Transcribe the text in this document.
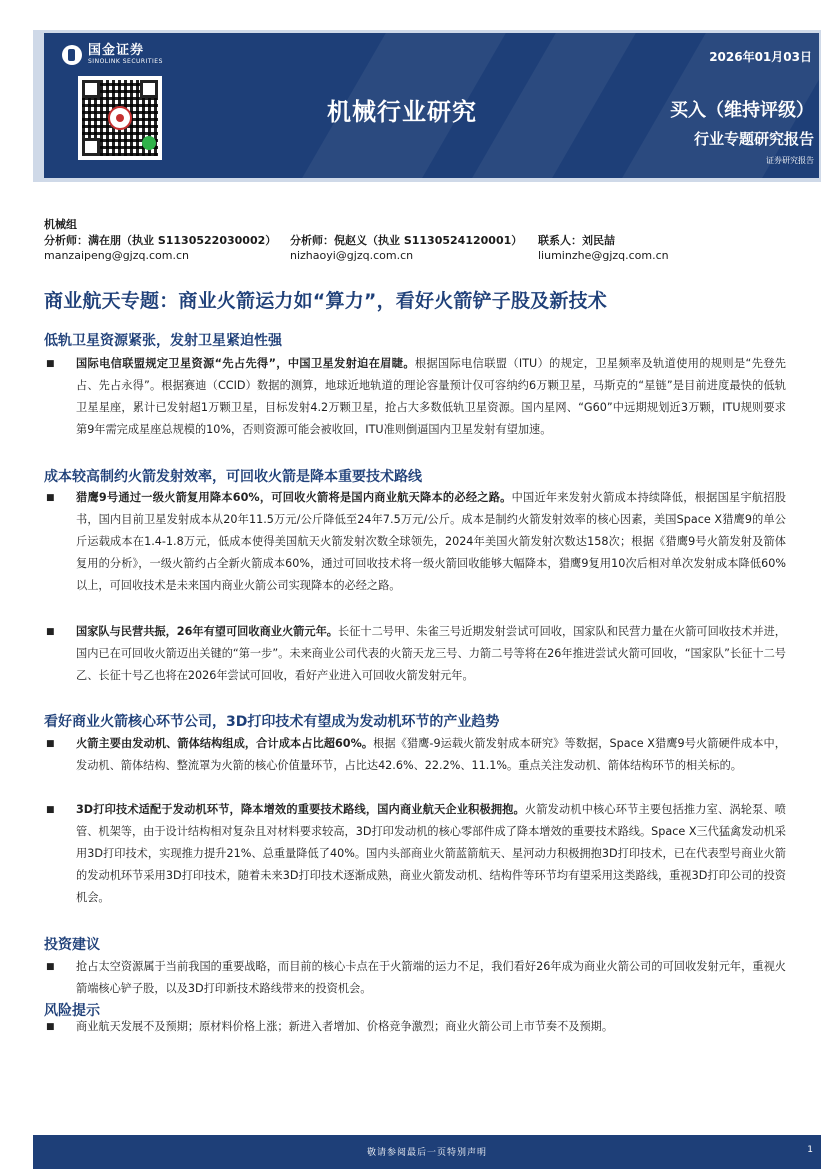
国金证券
SINOLINK SECURITIES	2026年01月03日
机械行业研究	买入（维持评级）
行业专题研究报告
证券研究报告
机械组
分析师：满在朋（执业 S1130522030002） 分析师：倪赵义（执业 S1130524120001） 联系人：刘民喆
manzaipeng@gjzq.com.cn	nizhaoyi@gjzq.com.cn	liuminzhe@gjzq.com.cn
商业航天专题：商业火箭运力如“算力”，看好火箭铲子股及新技术
低轨卫星资源紧张，发射卫星紧迫性强
■	国际电信联盟规定卫星资源“先占先得”，中国卫星发射迫在眉睫。根据国际电信联盟（ITU）的规定，卫星频率及轨道使用的规则是“先登先占、先占永得”。根据赛迪（CCID）数据的测算，地球近地轨道的理论容量预计仅可容纳约6万颗卫星，马斯克的“星链”是目前进度最快的低轨卫星星座，累计已发射超1万颗卫星，目标发射4.2万颗卫星，抢占大多数低轨卫星资源。国内星网、“G60”中远期规划近3万颗，ITU规则要求第9年需完成星座总规模的10%，否则资源可能会被收回，ITU准则倒逼国内卫星发射有望加速。
成本较高制约火箭发射效率，可回收火箭是降本重要技术路线
■	猎鹰9号通过一级火箭复用降本60%，可回收火箭将是国内商业航天降本的必经之路。中国近年来发射火箭成本持续降低，根据国星宇航招股书，国内目前卫星发射成本从20年11.5万元/公斤降低至24年7.5万元/公斤。成本是制约火箭发射效率的核心因素，美国Space X猎鹰9的单公斤运载成本在1.4-1.8万元，低成本使得美国航天火箭发射次数全球领先，2024年美国火箭发射次数达158次；根据《猎鹰9号火箭发射及箭体复用的分析》，一级火箭约占全新火箭成本60%，通过可回收技术将一级火箭回收能够大幅降本，猎鹰9复用10次后相对单次发射成本降低60%以上，可回收技术是未来国内商业火箭公司实现降本的必经之路。
■	国家队与民营共振，26年有望可回收商业火箭元年。长征十二号甲、朱雀三号近期发射尝试可回收，国家队和民营力量在火箭可回收技术并进，国内已在可回收火箭迈出关键的“第一步”。未来商业公司代表的火箭天龙三号、力箭二号等将在26年推进尝试火箭可回收，“国家队”长征十二号乙、长征十号乙也将在2026年尝试可回收，看好产业进入可回收火箭发射元年。
看好商业火箭核心环节公司，3D打印技术有望成为发动机环节的产业趋势
■	火箭主要由发动机、箭体结构组成，合计成本占比超60%。根据《猎鹰-9运载火箭发射成本研究》等数据，Space X猎鹰9号火箭硬件成本中，发动机、箭体结构、整流罩为火箭的核心价值量环节，占比达42.6%、22.2%、11.1%。重点关注发动机、箭体结构环节的相关标的。
■	3D打印技术适配于发动机环节，降本增效的重要技术路线，国内商业航天企业积极拥抱。火箭发动机中核心环节主要包括推力室、涡轮泵、喷管、机架等，由于设计结构相对复杂且对材料要求较高，3D打印发动机的核心零部件成了降本增效的重要技术路线。Space X三代猛禽发动机采用3D打印技术，实现推力提升21%、总重量降低了40%。国内头部商业火箭蓝箭航天、星河动力积极拥抱3D打印技术，已在代表型号商业火箭的发动机环节采用3D打印技术，随着未来3D打印技术逐渐成熟，商业火箭发动机、结构件等环节均有望采用这类路线，重视3D打印公司的投资机会。
投资建议
■	抢占太空资源属于当前我国的重要战略，而目前的核心卡点在于火箭端的运力不足，我们看好26年成为商业火箭公司的可回收发射元年，重视火箭端核心铲子股，以及3D打印新技术路线带来的投资机会。
风险提示
■	商业航天发展不及预期；原材料价格上涨；新进入者增加、价格竞争激烈；商业火箭公司上市节奏不及预期。
敬请参阅最后一页特别声明	1
